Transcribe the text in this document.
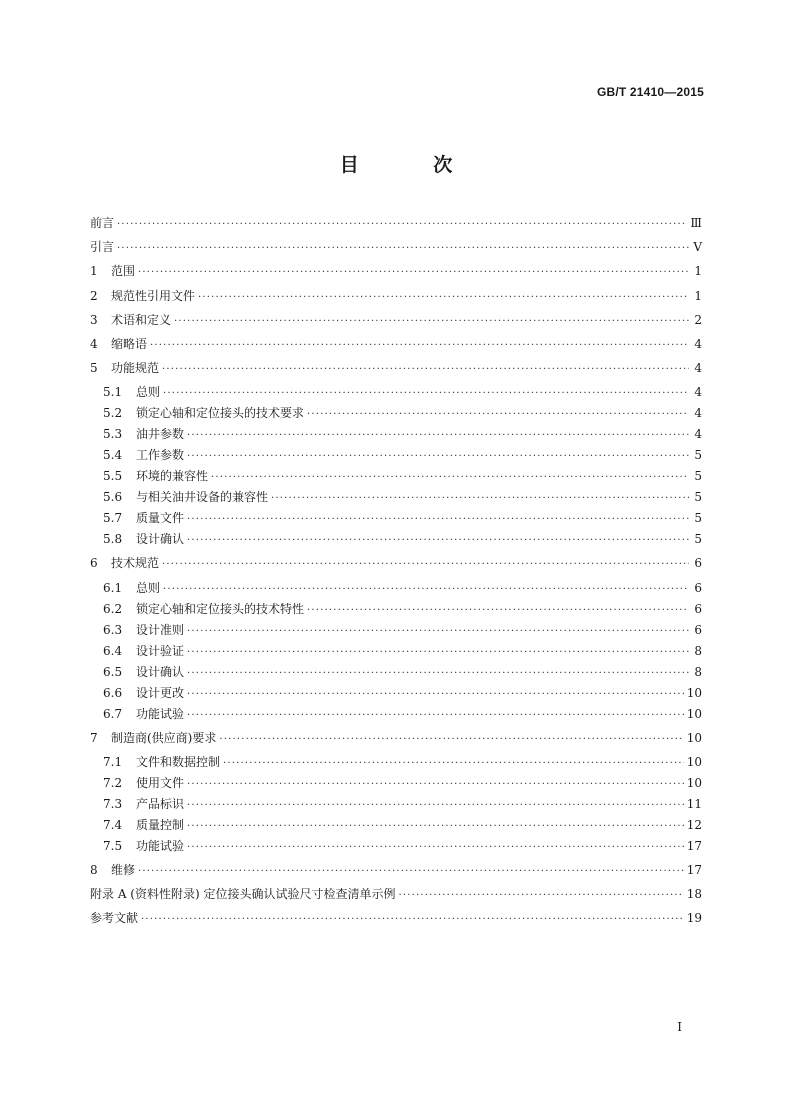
GB/T 21410—2015
目 次
前言 ·····	Ⅲ
引言 ·····	Ⅴ
1	范围 ·····	1
2	规范性引用文件 ·····	1
3	术语和定义 ·····	2
4	缩略语 ·····	4
5	功能规范 ·····	4
5.1	总则 ·····	4
5.2	锁定心轴和定位接头的技术要求 ·····	4
5.3	油井参数 ·····	4
5.4	工作参数 ·····	5
5.5	环境的兼容性 ·····	5
5.6	与相关油井设备的兼容性 ·····	5
5.7	质量文件 ·····	5
5.8	设计确认 ·····	5
6	技术规范 ·····	6
6.1	总则 ·····	6
6.2	锁定心轴和定位接头的技术特性 ·····	6
6.3	设计准则 ·····	6
6.4	设计验证 ·····	8
6.5	设计确认 ·····	8
6.6	设计更改 ·····	10
6.7	功能试验 ·····	10
7	制造商(供应商)要求 ·····	10
7.1	文件和数据控制 ·····	10
7.2	使用文件 ·····	10
7.3	产品标识 ·····	11
7.4	质量控制 ·····	12
7.5	功能试验 ·····	17
8	维修 ·····	17
附录 A (资料性附录) 定位接头确认试验尺寸检查清单示例 ·····	18
参考文献 ·····	19
I
